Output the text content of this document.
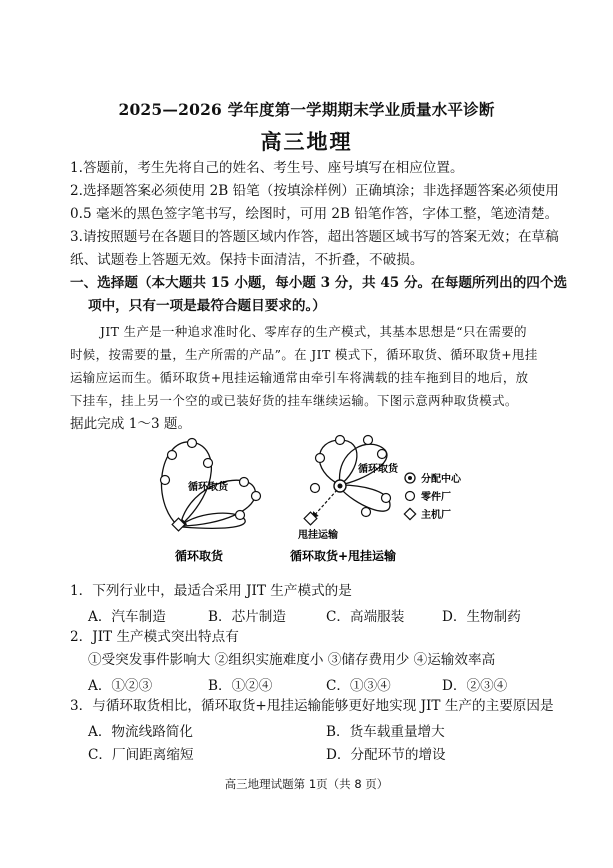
2025—2026 学年度第一学期期末学业质量水平诊断
高三地理
1.答题前，考生先将自己的姓名、考生号、座号填写在相应位置。
2.选择题答案必须使用 2B 铅笔（按填涂样例）正确填涂；非选择题答案必须使用
0.5 毫米的黑色签字笔书写，绘图时，可用 2B 铅笔作答，字体工整，笔迹清楚。
3.请按照题号在各题目的答题区域内作答，超出答题区域书写的答案无效；在草稿
纸、试题卷上答题无效。保持卡面清洁，不折叠，不破损。
一、选择题（本大题共 15 小题，每小题 3 分，共 45 分。在每题所列出的四个选
项中，只有一项是最符合题目要求的。）
JIT 生产是一种追求准时化、零库存的生产模式，其基本思想是“只在需要的
时候，按需要的量，生产所需的产品”。在 JIT 模式下，循环取货、循环取货+甩挂
运输应运而生。循环取货+甩挂运输通常由牵引车将满载的挂车拖到目的地后，放
下挂车，挂上另一个空的或已装好货的挂车继续运输。下图示意两种取货模式。
据此完成 1～3 题。
循环取货
循环取货
循环取货
甩挂运输
循环取货+甩挂运输
分配中心
零件厂
主机厂
1．下列行业中，最适合采用 JIT 生产模式的是
A．汽车制造	B．芯片制造	C．高端服装	D．生物制药
2．JIT 生产模式突出特点有
①受突发事件影响大 ②组织实施难度小 ③储存费用少 ④运输效率高
A．①②③	B．①②④	C．①③④	D．②③④
3．与循环取货相比，循环取货+甩挂运输能够更好地实现 JIT 生产的主要原因是
A．物流线路简化	B．货车载重量增大
C．厂间距离缩短	D．分配环节的增设
高三地理试题第 1页（共 8 页）
